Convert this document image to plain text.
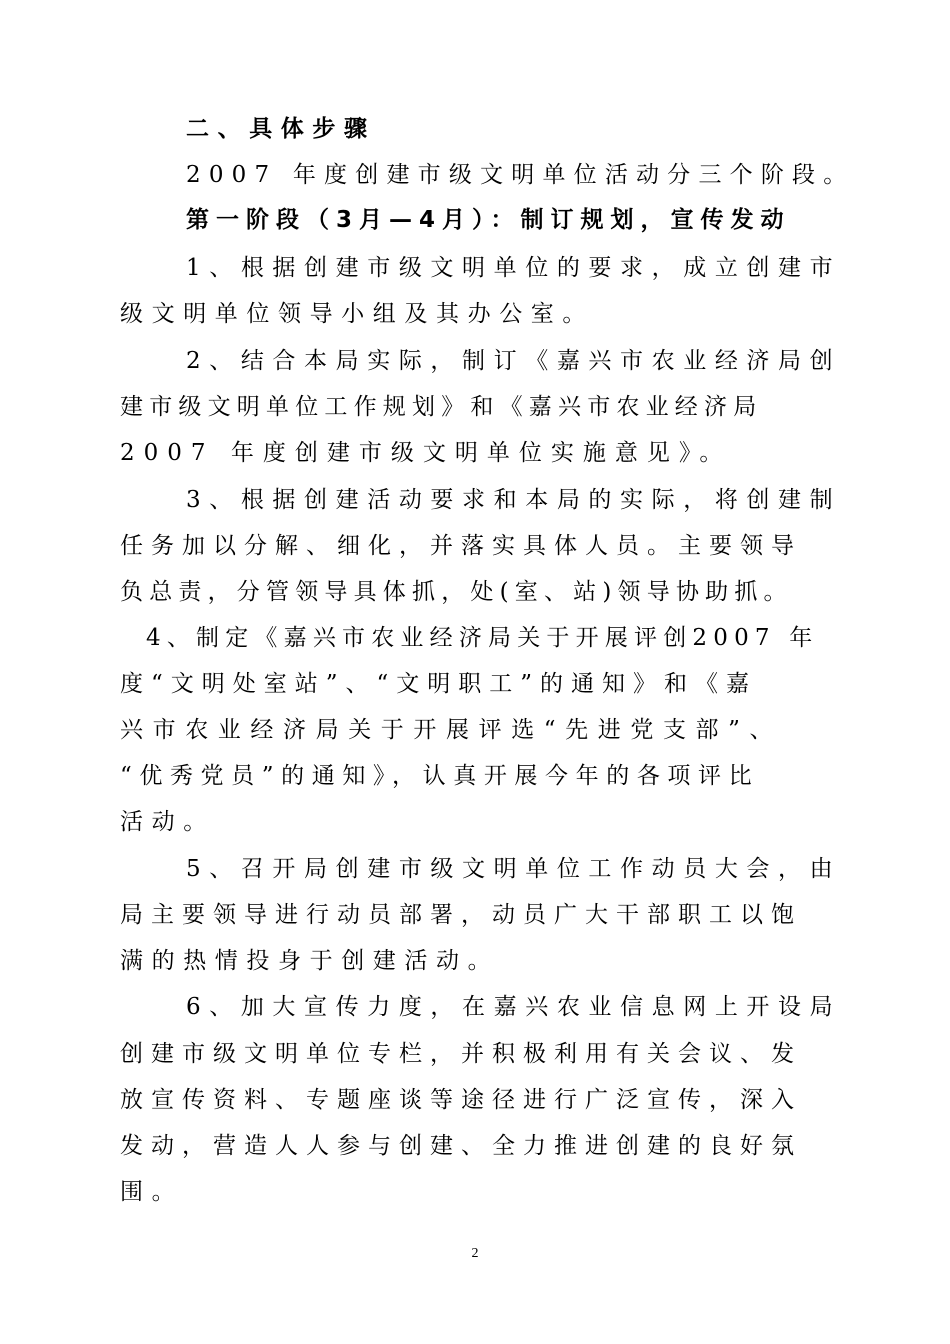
二、具体步骤
2007 年度创建市级文明单位活动分三个阶段。
第一阶段（3月—4月）：制订规划，宣传发动
1、根据创建市级文明单位的要求，成立创建市
级文明单位领导小组及其办公室。
2、结合本局实际，制订《嘉兴市农业经济局创
建市级文明单位工作规划》和《嘉兴市农业经济局
2007 年度创建市级文明单位实施意见》。
3、根据创建活动要求和本局的实际，将创建制
任务加以分解、细化，并落实具体人员。主要领导
负总责，分管领导具体抓，处(室、站)领导协助抓。
4、制定《嘉兴市农业经济局关于开展评创2007 年
度“文明处室站”、“文明职工”的通知》和《嘉
兴市农业经济局关于开展评选“先进党支部”、
“优秀党员”的通知》，认真开展今年的各项评比
活动。
5、召开局创建市级文明单位工作动员大会，由
局主要领导进行动员部署，动员广大干部职工以饱
满的热情投身于创建活动。
6、加大宣传力度，在嘉兴农业信息网上开设局
创建市级文明单位专栏，并积极利用有关会议、发
放宣传资料、专题座谈等途径进行广泛宣传，深入
发动，营造人人参与创建、全力推进创建的良好氛
围。
2
